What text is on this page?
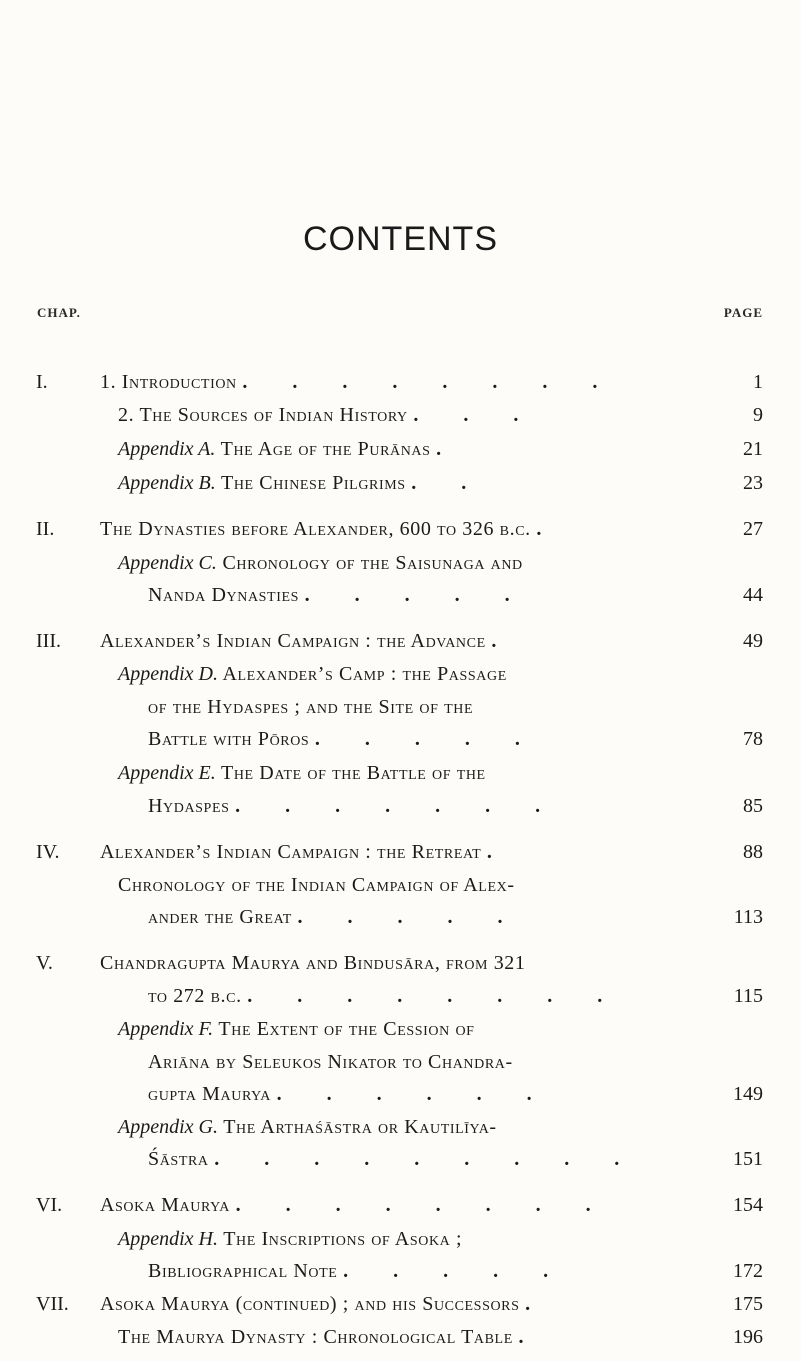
CONTENTS
CHAP.	PAGE
I.	1. Introduction . . . . . . . .	1
2. The Sources of Indian History . . .	9
Appendix A. The Age of the Purānas .	21
Appendix B. The Chinese Pilgrims . .	23
II.	The Dynasties before Alexander, 600 to 326 b.c. .	27
Appendix C. Chronology of the Saisunaga and
Nanda Dynasties . . . . .	44
III.	Alexander’s Indian Campaign : the Advance .	49
Appendix D. Alexander’s Camp : the Passage
of the Hydaspes ; and the Site of the
Battle with Pōros . . . . .	78
Appendix E. The Date of the Battle of the
Hydaspes . . . . . . .	85
IV.	Alexander’s Indian Campaign : the Retreat .	88
Chronology of the Indian Campaign of Alex-
ander the Great . . . . .	113
V.	Chandragupta Maurya and Bindusāra, from 321
to 272 b.c. . . . . . . . .	115
Appendix F. The Extent of the Cession of
Ariāna by Seleukos Nikator to Chandra-
gupta Maurya . . . . . .	149
Appendix G. The Arthaśāstra or Kautilīya-
Śāstra . . . . . . . . .	151
VI.	Asoka Maurya . . . . . . . .	154
Appendix H. The Inscriptions of Asoka ;
Bibliographical Note . . . . .	172
VII.	Asoka Maurya (continued) ; and his Successors .	175
The Maurya Dynasty : Chronological Table .	196
